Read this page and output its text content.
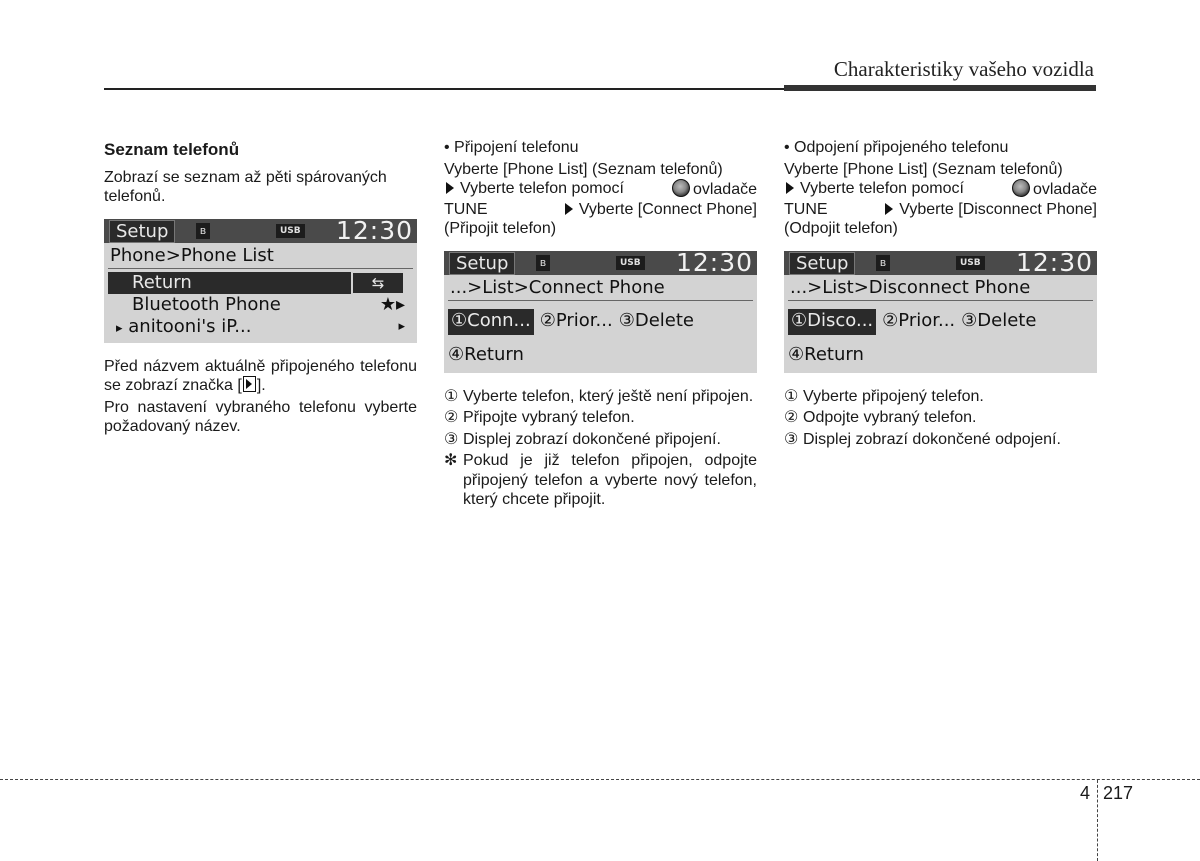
Charakteristiky vašeho vozidla
Seznam telefonů

Zobrazí se seznam až pěti spárovaných telefonů.

Setup	ʙ	USB 12:30
Phone>Phone List
Return	⇆
Bluetooth Phone	★▸
▸ anitooni's iP...	▸

Před názvem aktuálně připojeného telefonu se zobrazí značka [ ].

Pro nastavení vybraného telefonu vyberte požadovaný název.

• Připojení telefonu

Vyberte [Phone List] (Seznam telefonů)

Vyberte telefon pomocí	ovladače

TUNE	Vyberte [Connect Phone]

(Připojit telefon)

Setup	ʙ	USB 12:30
...>List>Connect Phone
①Conn... ②Prior... ③Delete
④Return
① Vyberte telefon, který ještě není připojen.
② Připojte vybraný telefon.
③ Displej zobrazí dokončené připojení.
✻ Pokud je již telefon připojen, odpojte připojený telefon a vyberte nový telefon, který chcete připojit.

• Odpojení připojeného telefonu

Vyberte [Phone List] (Seznam telefonů)

Vyberte telefon pomocí	ovladače

TUNE	Vyberte [Disconnect Phone]

(Odpojit telefon)

Setup	ʙ	USB 12:30
...>List>Disconnect Phone
①Disco... ②Prior... ③Delete
④Return
① Vyberte připojený telefon.
② Odpojte vybraný telefon.
③ Displej zobrazí dokončené odpojení.
4 217
